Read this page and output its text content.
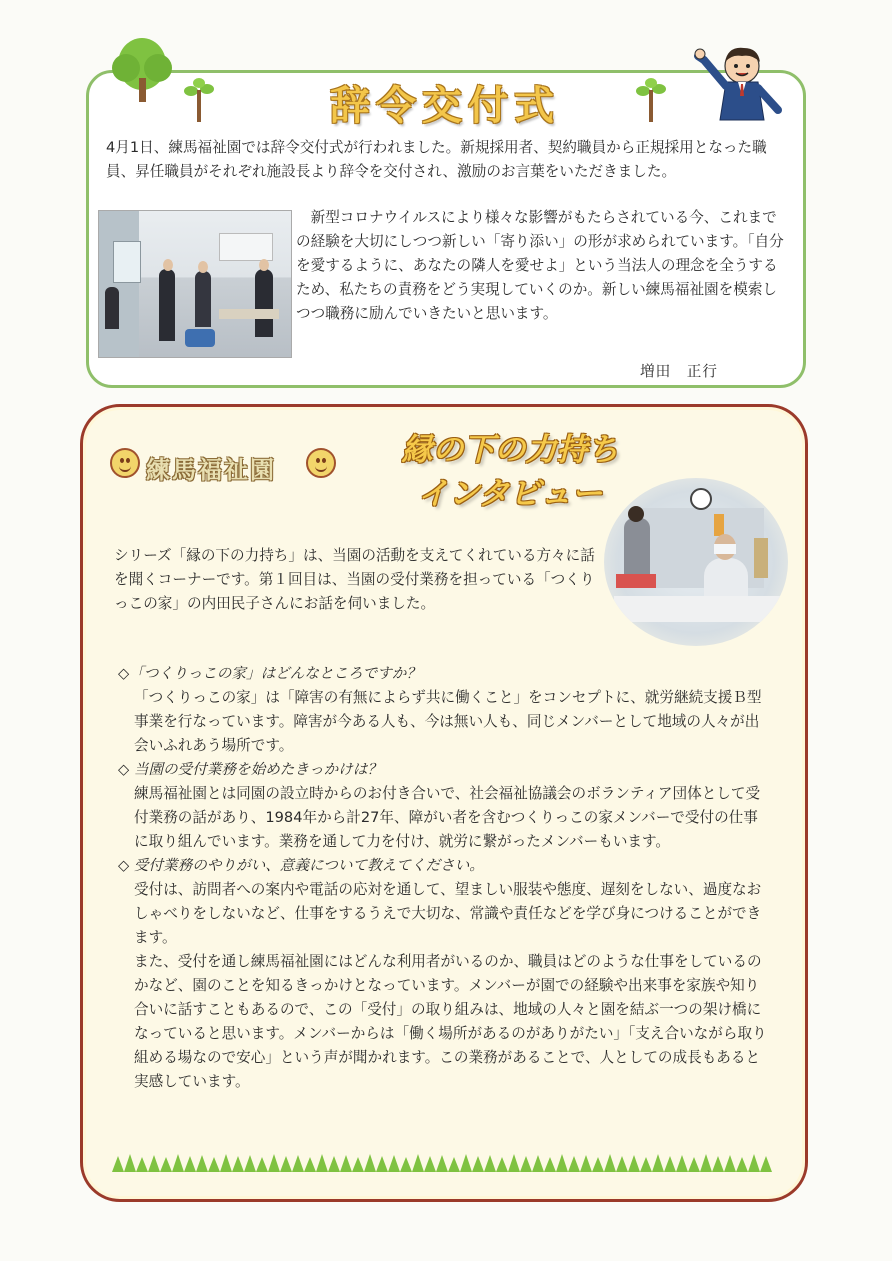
辞令交付式

4月1日、練馬福祉園では辞令交付式が行われました。新規採用者、契約職員から正規採用となった職員、昇任職員がそれぞれ施設長より辞令を交付され、激励のお言葉をいただきました。

新型コロナウイルスにより様々な影響がもたらされている今、これまでの経験を大切にしつつ新しい「寄り添い」の形が求められています。「自分を愛するように、あなたの隣人を愛せよ」という当法人の理念を全うするため、私たちの責務をどう実現していくのか。新しい練馬福祉園を模索しつつ職務に励んでいきたいと思います。

増田　正行
練馬福祉園
縁の下の力持ち
インタビュー

シリーズ「縁の下の力持ち」は、当園の活動を支えてくれている方々に話を聞くコーナーです。第１回目は、当園の受付業務を担っている「つくりっこの家」の内田民子さんにお話を伺いました。

◇「つくりっこの家」はどんなところですか？

「つくりっこの家」は「障害の有無によらず共に働くこと」をコンセプトに、就労継続支援Ｂ型事業を行なっています。障害が今ある人も、今は無い人も、同じメンバーとして地域の人々が出会いふれあう場所です。

◇ 当園の受付業務を始めたきっかけは？

練馬福祉園とは同園の設立時からのお付き合いで、社会福祉協議会のボランティア団体として受付業務の話があり、1984年から計27年、障がい者を含むつくりっこの家メンバーで受付の仕事に取り組んでいます。業務を通して力を付け、就労に繋がったメンバーもいます。

◇ 受付業務のやりがい、意義について教えてください。

受付は、訪問者への案内や電話の応対を通して、望ましい服装や態度、遅刻をしない、過度なおしゃべりをしないなど、仕事をするうえで大切な、常識や責任などを学び身につけることができます。

また、受付を通し練馬福祉園にはどんな利用者がいるのか、職員はどのような仕事をしているのかなど、園のことを知るきっかけとなっています。メンバーが園での経験や出来事を家族や知り合いに話すこともあるので、この「受付」の取り組みは、地域の人々と園を結ぶ一つの架け橋になっていると思います。メンバーからは「働く場所があるのがありがたい」「支え合いながら取り組める場なので安心」という声が聞かれます。この業務があることで、人としての成長もあると実感しています。
